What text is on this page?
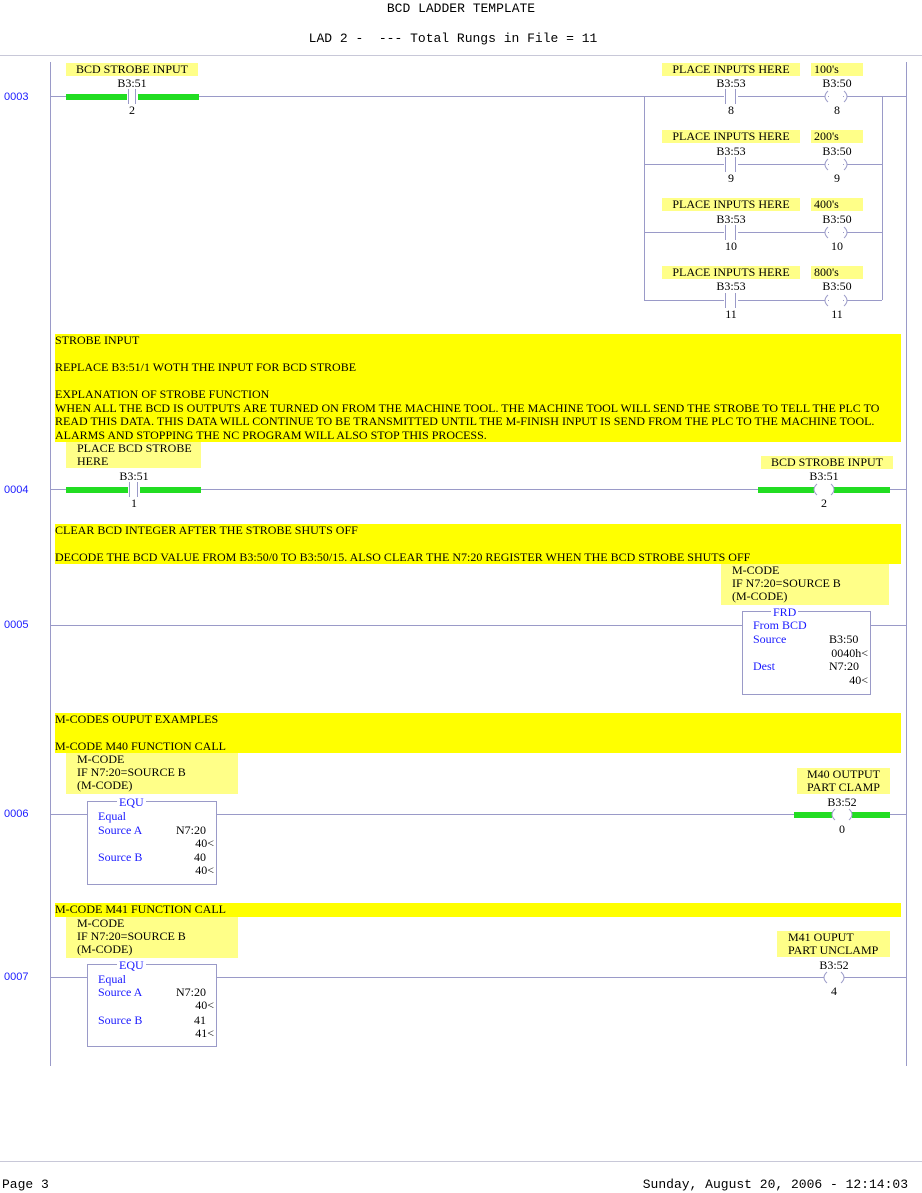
BCD LADDER TEMPLATE
LAD 2 -  --- Total Rungs in File = 11
0003
BCD STROBE INPUT
B3:51
2
PLACE INPUTS HERE	100's
B3:53	B3:50
8	8
PLACE INPUTS HERE	200's
B3:53	B3:50
9	9
PLACE INPUTS HERE	400's
B3:53	B3:50
10	10
PLACE INPUTS HERE	800's
B3:53	B3:50
11	11
STROBE INPUT

REPLACE B3:51/1 WOTH THE INPUT FOR BCD STROBE

EXPLANATION OF STROBE FUNCTION
WHEN ALL THE BCD IS OUTPUTS ARE TURNED ON FROM THE MACHINE TOOL. THE MACHINE TOOL WILL SEND THE STROBE TO TELL THE PLC TO READ THIS DATA. THIS DATA WILL CONTINUE TO BE TRANSMITTED UNTIL THE M-FINISH INPUT IS SEND FROM THE PLC TO THE MACHINE TOOL. ALARMS AND STOPPING THE NC PROGRAM WILL ALSO STOP THIS PROCESS.
0004
PLACE BCD STROBE
HERE
B3:51
1
BCD STROBE INPUT
B3:51
2
CLEAR BCD INTEGER AFTER THE STROBE SHUTS OFF

DECODE THE BCD VALUE FROM B3:50/0 TO B3:50/15. ALSO CLEAR THE N7:20 REGISTER WHEN THE BCD STROBE SHUTS OFF
0005
M-CODE
IF N7:20=SOURCE B
(M-CODE)
FRD
From BCD
Source	B3:50
0040h<
Dest	N7:20
40<
M-CODES OUPUT EXAMPLES

M-CODE M40 FUNCTION CALL
0006
M-CODE
IF N7:20=SOURCE B
(M-CODE)
EQU
Equal
Source A	N7:20
40<
Source B	40
40<
M40 OUTPUT
PART CLAMP
B3:52
0
M-CODE M41 FUNCTION CALL
0007
M-CODE
IF N7:20=SOURCE B
(M-CODE)
EQU
Equal
Source A	N7:20
40<
Source B	41
41<
M41 OUPUT
PART UNCLAMP
B3:52
4
Page 3	Sunday, August 20, 2006 - 12:14:03
